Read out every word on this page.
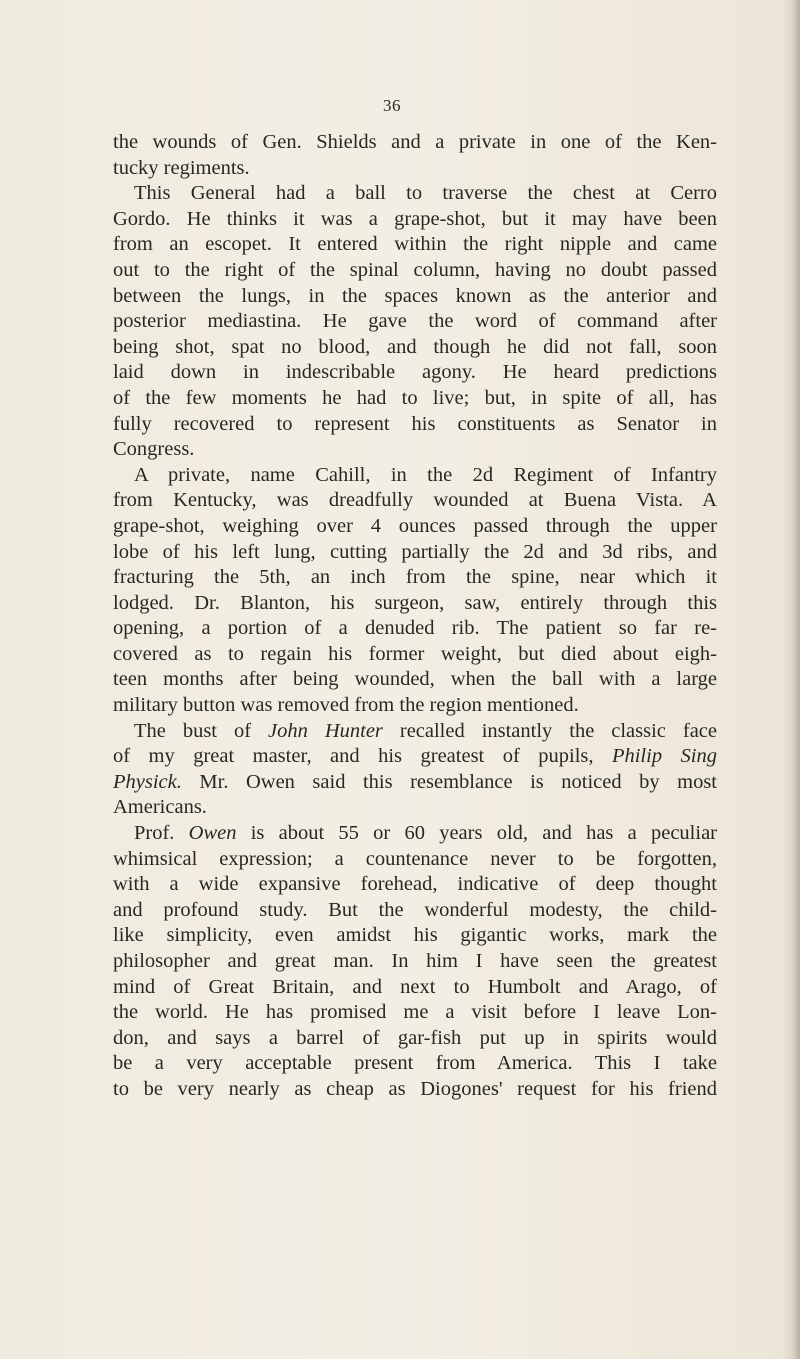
36
the wounds of Gen. Shields and a private in one of the Ken-
tucky regiments.
This General had a ball to traverse the chest at Cerro
Gordo. He thinks it was a grape-shot, but it may have been
from an escopet. It entered within the right nipple and came
out to the right of the spinal column, having no doubt passed
between the lungs, in the spaces known as the anterior and
posterior mediastina. He gave the word of command after
being shot, spat no blood, and though he did not fall, soon
laid down in indescribable agony. He heard predictions
of the few moments he had to live; but, in spite of all, has
fully recovered to represent his constituents as Senator in
Congress.
A private, name Cahill, in the 2d Regiment of Infantry
from Kentucky, was dreadfully wounded at Buena Vista. A
grape-shot, weighing over 4 ounces passed through the upper
lobe of his left lung, cutting partially the 2d and 3d ribs, and
fracturing the 5th, an inch from the spine, near which it
lodged. Dr. Blanton, his surgeon, saw, entirely through this
opening, a portion of a denuded rib. The patient so far re-
covered as to regain his former weight, but died about eigh-
teen months after being wounded, when the ball with a large
military button was removed from the region mentioned.
The bust of John Hunter recalled instantly the classic face
of my great master, and his greatest of pupils, Philip Sing
Physick. Mr. Owen said this resemblance is noticed by most
Americans.
Prof. Owen is about 55 or 60 years old, and has a peculiar
whimsical expression; a countenance never to be forgotten,
with a wide expansive forehead, indicative of deep thought
and profound study. But the wonderful modesty, the child-
like simplicity, even amidst his gigantic works, mark the
philosopher and great man. In him I have seen the greatest
mind of Great Britain, and next to Humbolt and Arago, of
the world. He has promised me a visit before I leave Lon-
don, and says a barrel of gar-fish put up in spirits would
be a very acceptable present from America. This I take
to be very nearly as cheap as Diogones' request for his friend
